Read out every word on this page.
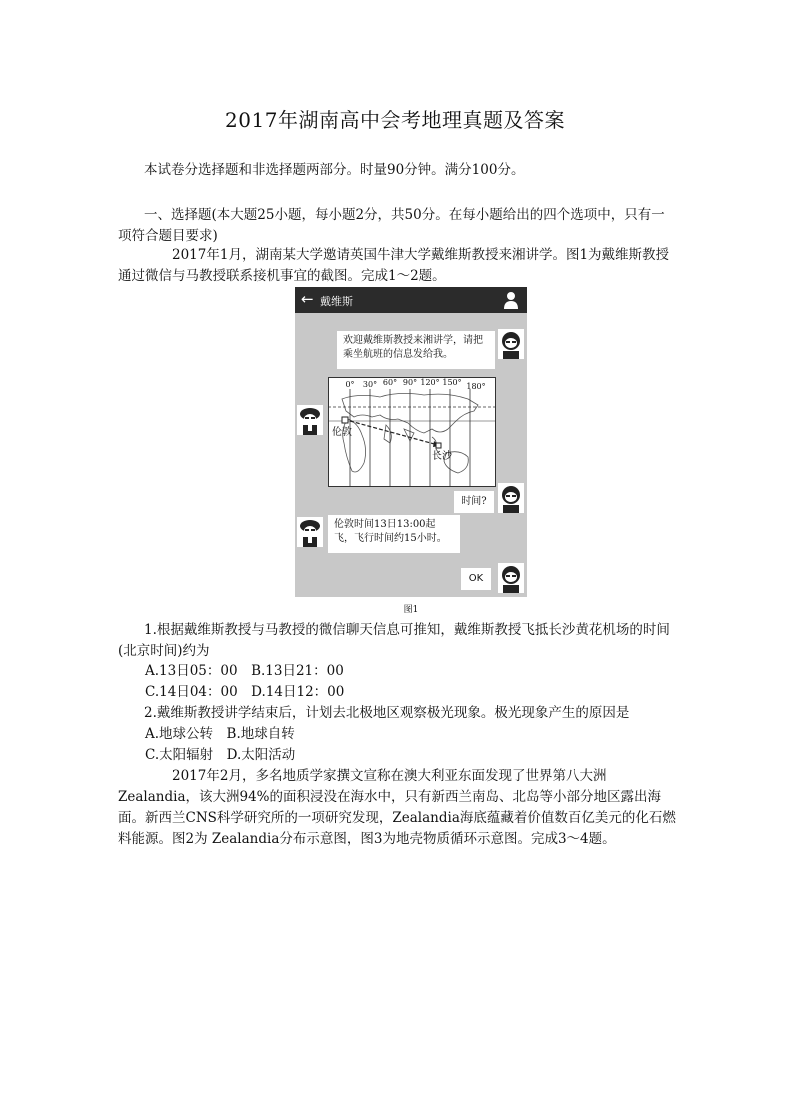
2017年湖南高中会考地理真题及答案
本试卷分选择题和非选择题两部分。时量90分钟。满分100分。
一、选择题(本大题25小题，每小题2分，共50分。在每小题给出的四个选项中，只有一项符合题目要求)
2017年1月，湖南某大学邀请英国牛津大学戴维斯教授来湘讲学。图1为戴维斯教授通过微信与马教授联系接机事宜的截图。完成1～2题。
← 戴维斯
欢迎戴维斯教授来湘讲学，请把乘坐航班的信息发给我。
0° 30° 60° 90° 120° 150° 180°
伦敦
长沙
时间?
伦敦时间13日13:00起飞，飞行时间约15小时。
OK
图1
1.根据戴维斯教授与马教授的微信聊天信息可推知，戴维斯教授飞抵长沙黄花机场的时间(北京时间)约为
A.13日05：00　B.13日21：00
C.14日04：00　D.14日12：00
2.戴维斯教授讲学结束后，计划去北极地区观察极光现象。极光现象产生的原因是
A.地球公转　B.地球自转
C.太阳辐射　D.太阳活动
2017年2月，多名地质学家撰文宣称在澳大利亚东面发现了世界第八大洲Zealandia，该大洲94%的面积浸没在海水中，只有新西兰南岛、北岛等小部分地区露出海面。新西兰CNS科学研究所的一项研究发现，Zealandia海底蕴藏着价值数百亿美元的化石燃料能源。图2为 Zealandia分布示意图，图3为地壳物质循环示意图。完成3～4题。
